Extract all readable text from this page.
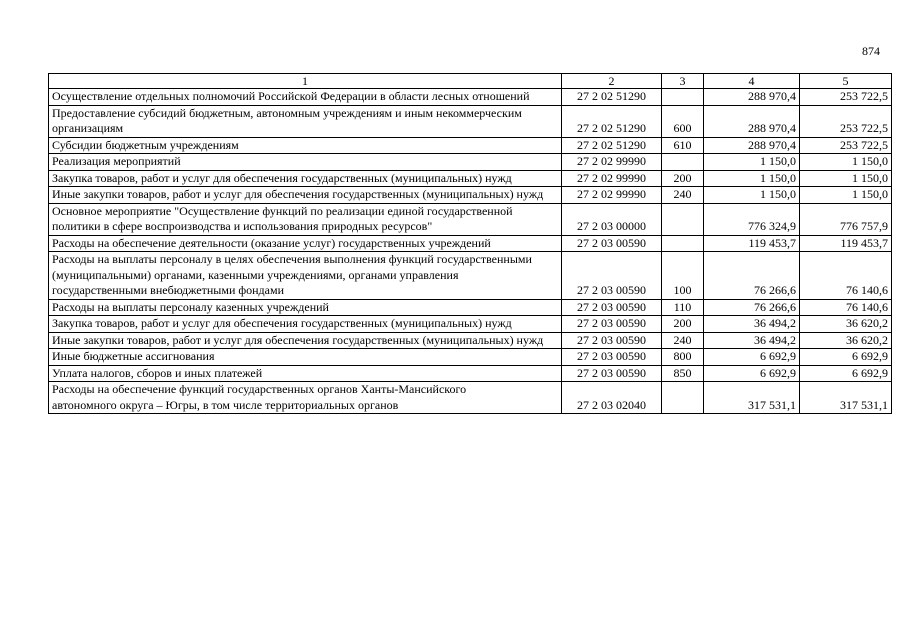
874
1	2	3	4	5

Осуществление отдельных полномочий Российской Федерации в области лесных отношений	27 2 02 51290		288 970,4	253 722,5

Предоставление субсидий бюджетным, автономным учреждениям и иным некоммерческим организациям	27 2 02 51290	600	288 970,4	253 722,5

Субсидии бюджетным учреждениям	27 2 02 51290	610	288 970,4	253 722,5

Реализация мероприятий	27 2 02 99990		1 150,0	1 150,0

Закупка товаров, работ и услуг для обеспечения государственных (муниципальных) нужд	27 2 02 99990	200	1 150,0	1 150,0

Иные закупки товаров, работ и услуг для обеспечения государственных (муниципальных) нужд	27 2 02 99990	240	1 150,0	1 150,0

Основное мероприятие "Осуществление функций по реализации единой государственной политики в сфере воспроизводства и использования природных ресурсов"	27 2 03 00000		776 324,9	776 757,9

Расходы на обеспечение деятельности (оказание услуг) государственных учреждений	27 2 03 00590		119 453,7	119 453,7

Расходы на выплаты персоналу в целях обеспечения выполнения функций государственными (муниципальными) органами, казенными учреждениями, органами управления государственными внебюджетными фондами	27 2 03 00590	100	76 266,6	76 140,6

Расходы на выплаты персоналу казенных учреждений	27 2 03 00590	110	76 266,6	76 140,6

Закупка товаров, работ и услуг для обеспечения государственных (муниципальных) нужд	27 2 03 00590	200	36 494,2	36 620,2

Иные закупки товаров, работ и услуг для обеспечения государственных (муниципальных) нужд	27 2 03 00590	240	36 494,2	36 620,2

Иные бюджетные ассигнования	27 2 03 00590	800	6 692,9	6 692,9

Уплата налогов, сборов и иных платежей	27 2 03 00590	850	6 692,9	6 692,9

Расходы на обеспечение функций государственных органов Ханты-Мансийского автономного округа – Югры, в том числе территориальных органов	27 2 03 02040		317 531,1	317 531,1
